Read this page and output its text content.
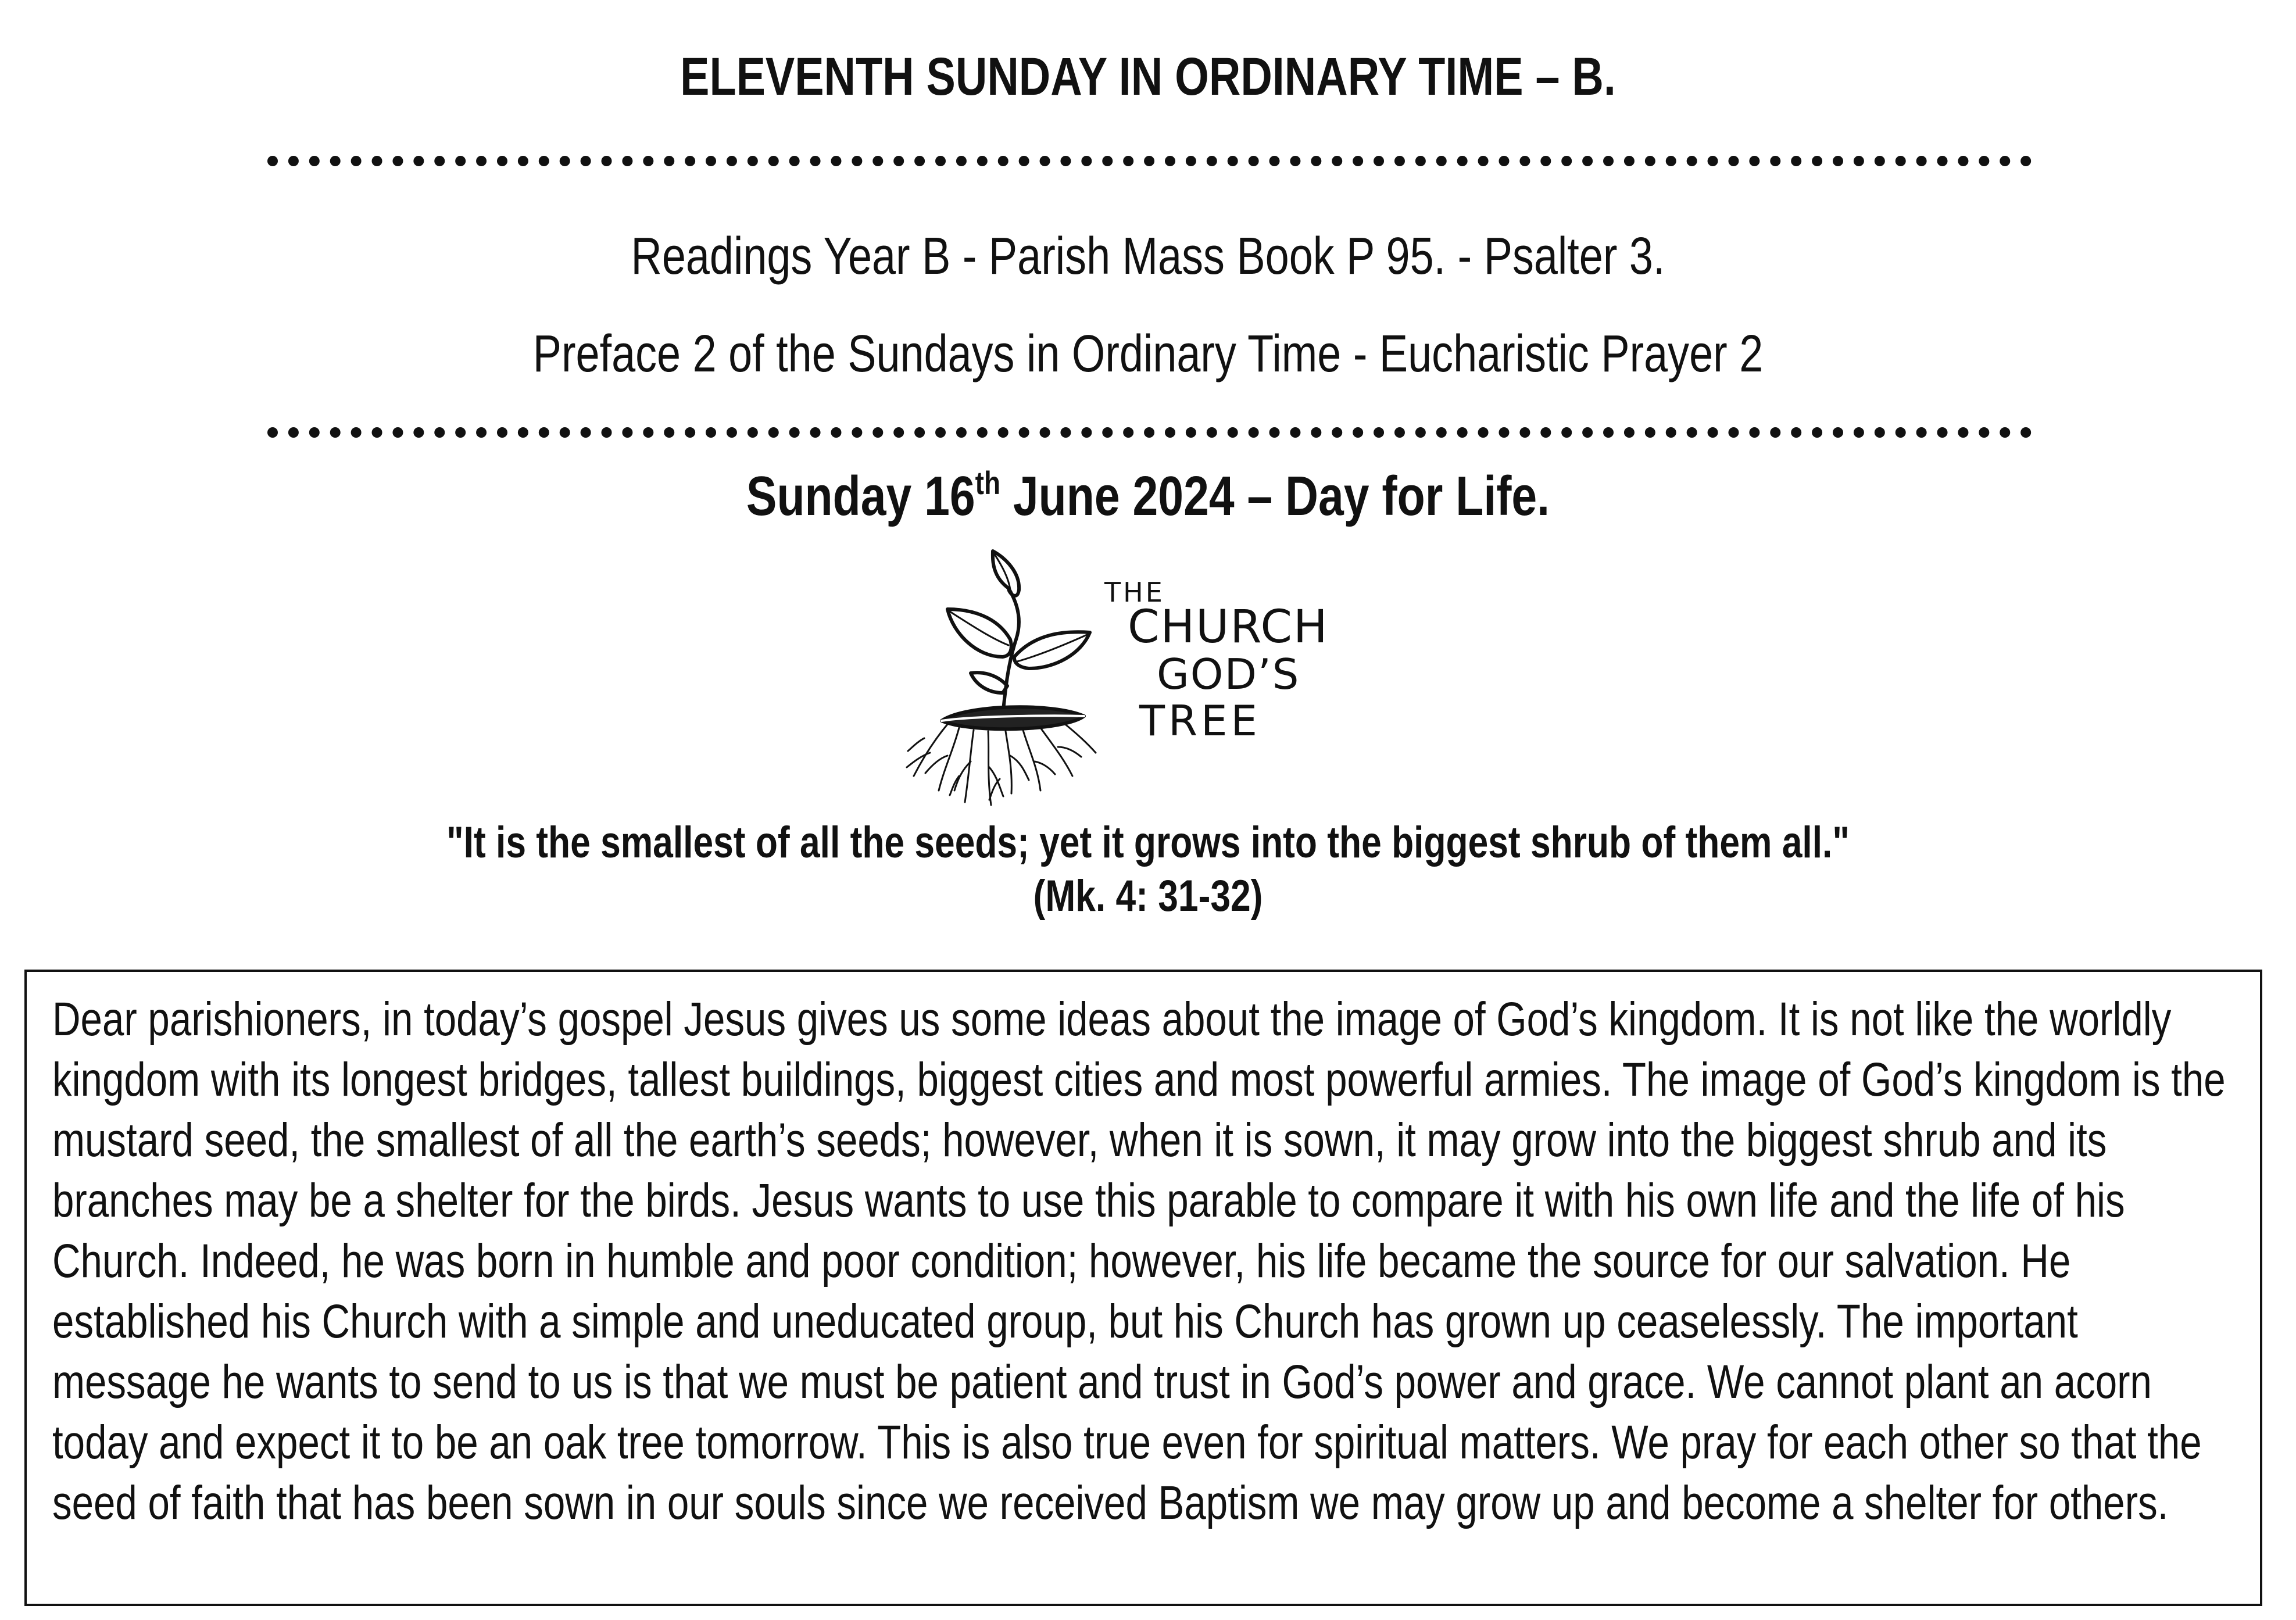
ELEVENTH SUNDAY IN ORDINARY TIME – B.
Readings Year B - Parish Mass Book P 95. - Psalter 3.
Preface 2 of the Sundays in Ordinary Time - Eucharistic Prayer 2
Sunday 16th June 2024 – Day for Life.
THE
CHURCH
GOD’S
TREE
"It is the smallest of all the seeds; yet it grows into the biggest shrub of them all."
(Mk. 4: 31-32)

Dear parishioners, in today’s gospel Jesus gives us some ideas about the image of God’s kingdom. It is not like the worldly kingdom with its longest bridges, tallest buildings, biggest cities and most powerful armies. The image of God’s kingdom is the mustard seed, the smallest of all the earth’s seeds; however, when it is sown, it may grow into the biggest shrub and its branches may be a shelter for the birds. Jesus wants to use this parable to compare it with his own life and the life of his Church. Indeed, he was born in humble and poor condition; however, his life became the source for our salvation. He established his Church with a simple and uneducated group, but his Church has grown up ceaselessly. The important message he wants to send to us is that we must be patient and trust in God’s power and grace. We cannot plant an acorn today and expect it to be an oak tree tomorrow. This is also true even for spiritual matters. We pray for each other so that the seed of faith that has been sown in our souls since we received Baptism we may grow up and become a shelter for others.
